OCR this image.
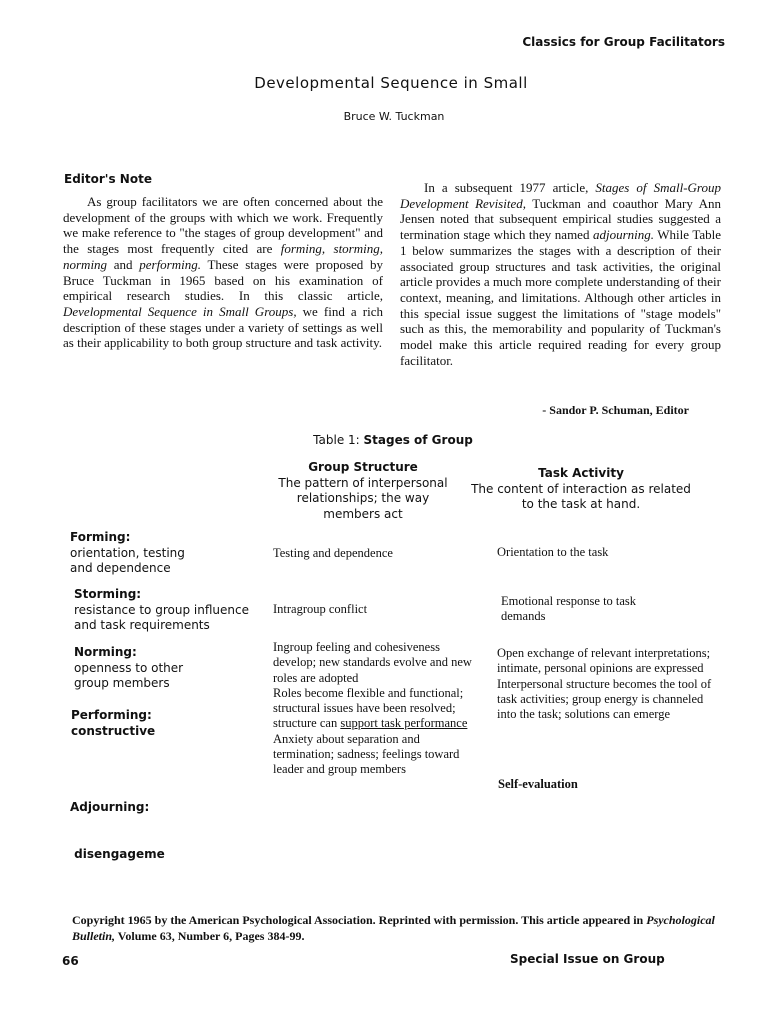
Classics for Group Facilitators
Developmental Sequence in Small
Bruce W. Tuckman
Editor's Note

As group facilitators we are often concerned about the development of the groups with which we work. Frequently we make reference to "the stages of group development" and the stages most frequently cited are forming, storming, norming and performing. These stages were proposed by Bruce Tuckman in 1965 based on his examination of empirical research studies. In this classic article, Developmental Sequence in Small Groups, we find a rich description of these stages under a variety of settings as well as their applicability to both group structure and task activity.

In a subsequent 1977 article, Stages of Small-Group Development Revisited, Tuckman and coauthor Mary Ann Jensen noted that subsequent empirical studies suggested a termination stage which they named adjourning. While Table 1 below summarizes the stages with a description of their associated group structures and task activities, the original article provides a much more complete understanding of their context, meaning, and limitations. Although other articles in this special issue suggest the limitations of "stage models" such as this, the memorability and popularity of Tuckman's model make this article required reading for every group facilitator.

- Sandor P. Schuman, Editor
Table 1: Stages of Group
Group Structure
The pattern of interpersonal relationships; the way members act
Task Activity
The content of interaction as related to the task at hand.
Forming:
orientation, testing
and dependence
Storming:
resistance to group influence
and task requirements
Norming:
openness to other
group members
Performing:
constructive

Adjourning:

disengageme

Testing and dependence
Intragroup conflict
Ingroup feeling and cohesiveness develop; new standards evolve and new roles are adopted
Roles become flexible and functional; structural issues have been resolved; structure can support task performance
Anxiety about separation and termination; sadness; feelings toward leader and group members
Orientation to the task
Emotional response to task demands
Open exchange of relevant interpretations; intimate, personal opinions are expressed
Interpersonal structure becomes the tool of task activities; group energy is channeled into the task; solutions can emerge
Self-evaluation
Copyright 1965 by the American Psychological Association. Reprinted with permission. This article appeared in Psychological Bulletin, Volume 63, Number 6, Pages 384-99.
66	Special Issue on Group
